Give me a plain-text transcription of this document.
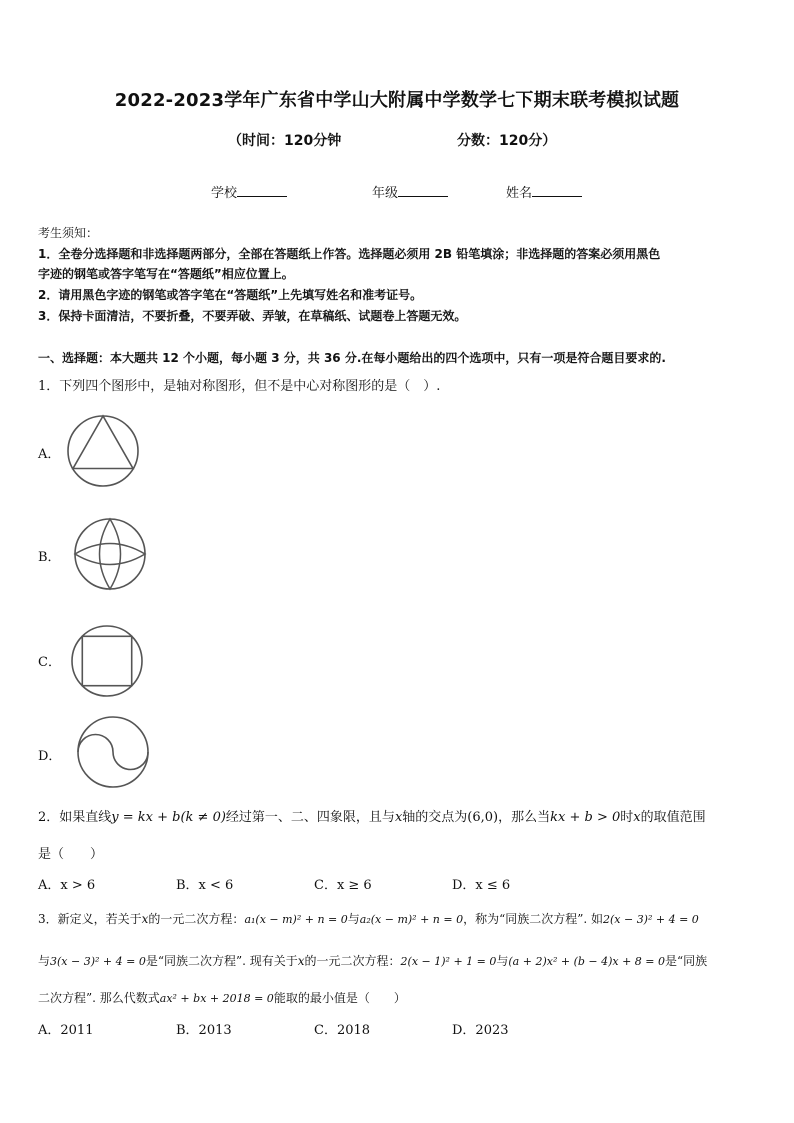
2022-2023学年广东省中学山大附属中学数学七下期末联考模拟试题
（时间：120分钟	分数：120分）
学校	年级	姓名
考生须知：
1．全卷分选择题和非选择题两部分，全部在答题纸上作答。选择题必须用 2B 铅笔填涂；非选择题的答案必须用黑色
字迹的钢笔或答字笔写在“答题纸”相应位置上。
2．请用黑色字迹的钢笔或答字笔在“答题纸”上先填写姓名和准考证号。
3．保持卡面清洁，不要折叠，不要弄破、弄皱，在草稿纸、试题卷上答题无效。
一、选择题：本大题共 12 个小题，每小题 3 分，共 36 分.在每小题给出的四个选项中，只有一项是符合题目要求的.
1．下列四个图形中，是轴对称图形，但不是中心对称图形的是（　）.
A．
B．
C．
D．
2．如果直线y = kx + b(k ≠ 0)经过第一、二、四象限，且与x轴的交点为(6,0)，那么当kx + b > 0时x的取值范围
是（　　）
A．x > 6	B．x < 6	C．x ≥ 6	D．x ≤ 6
3．新定义，若关于x的一元二次方程：a₁(x − m)² + n = 0与a₂(x − m)² + n = 0，称为“同族二次方程”. 如2(x − 3)² + 4 = 0
与3(x − 3)² + 4 = 0是“同族二次方程”. 现有关于x的一元二次方程：2(x − 1)² + 1 = 0与(a + 2)x² + (b − 4)x + 8 = 0是“同族
二次方程”. 那么代数式ax² + bx + 2018 = 0能取的最小值是（　　）
A．2011	B．2013	C．2018	D．2023
